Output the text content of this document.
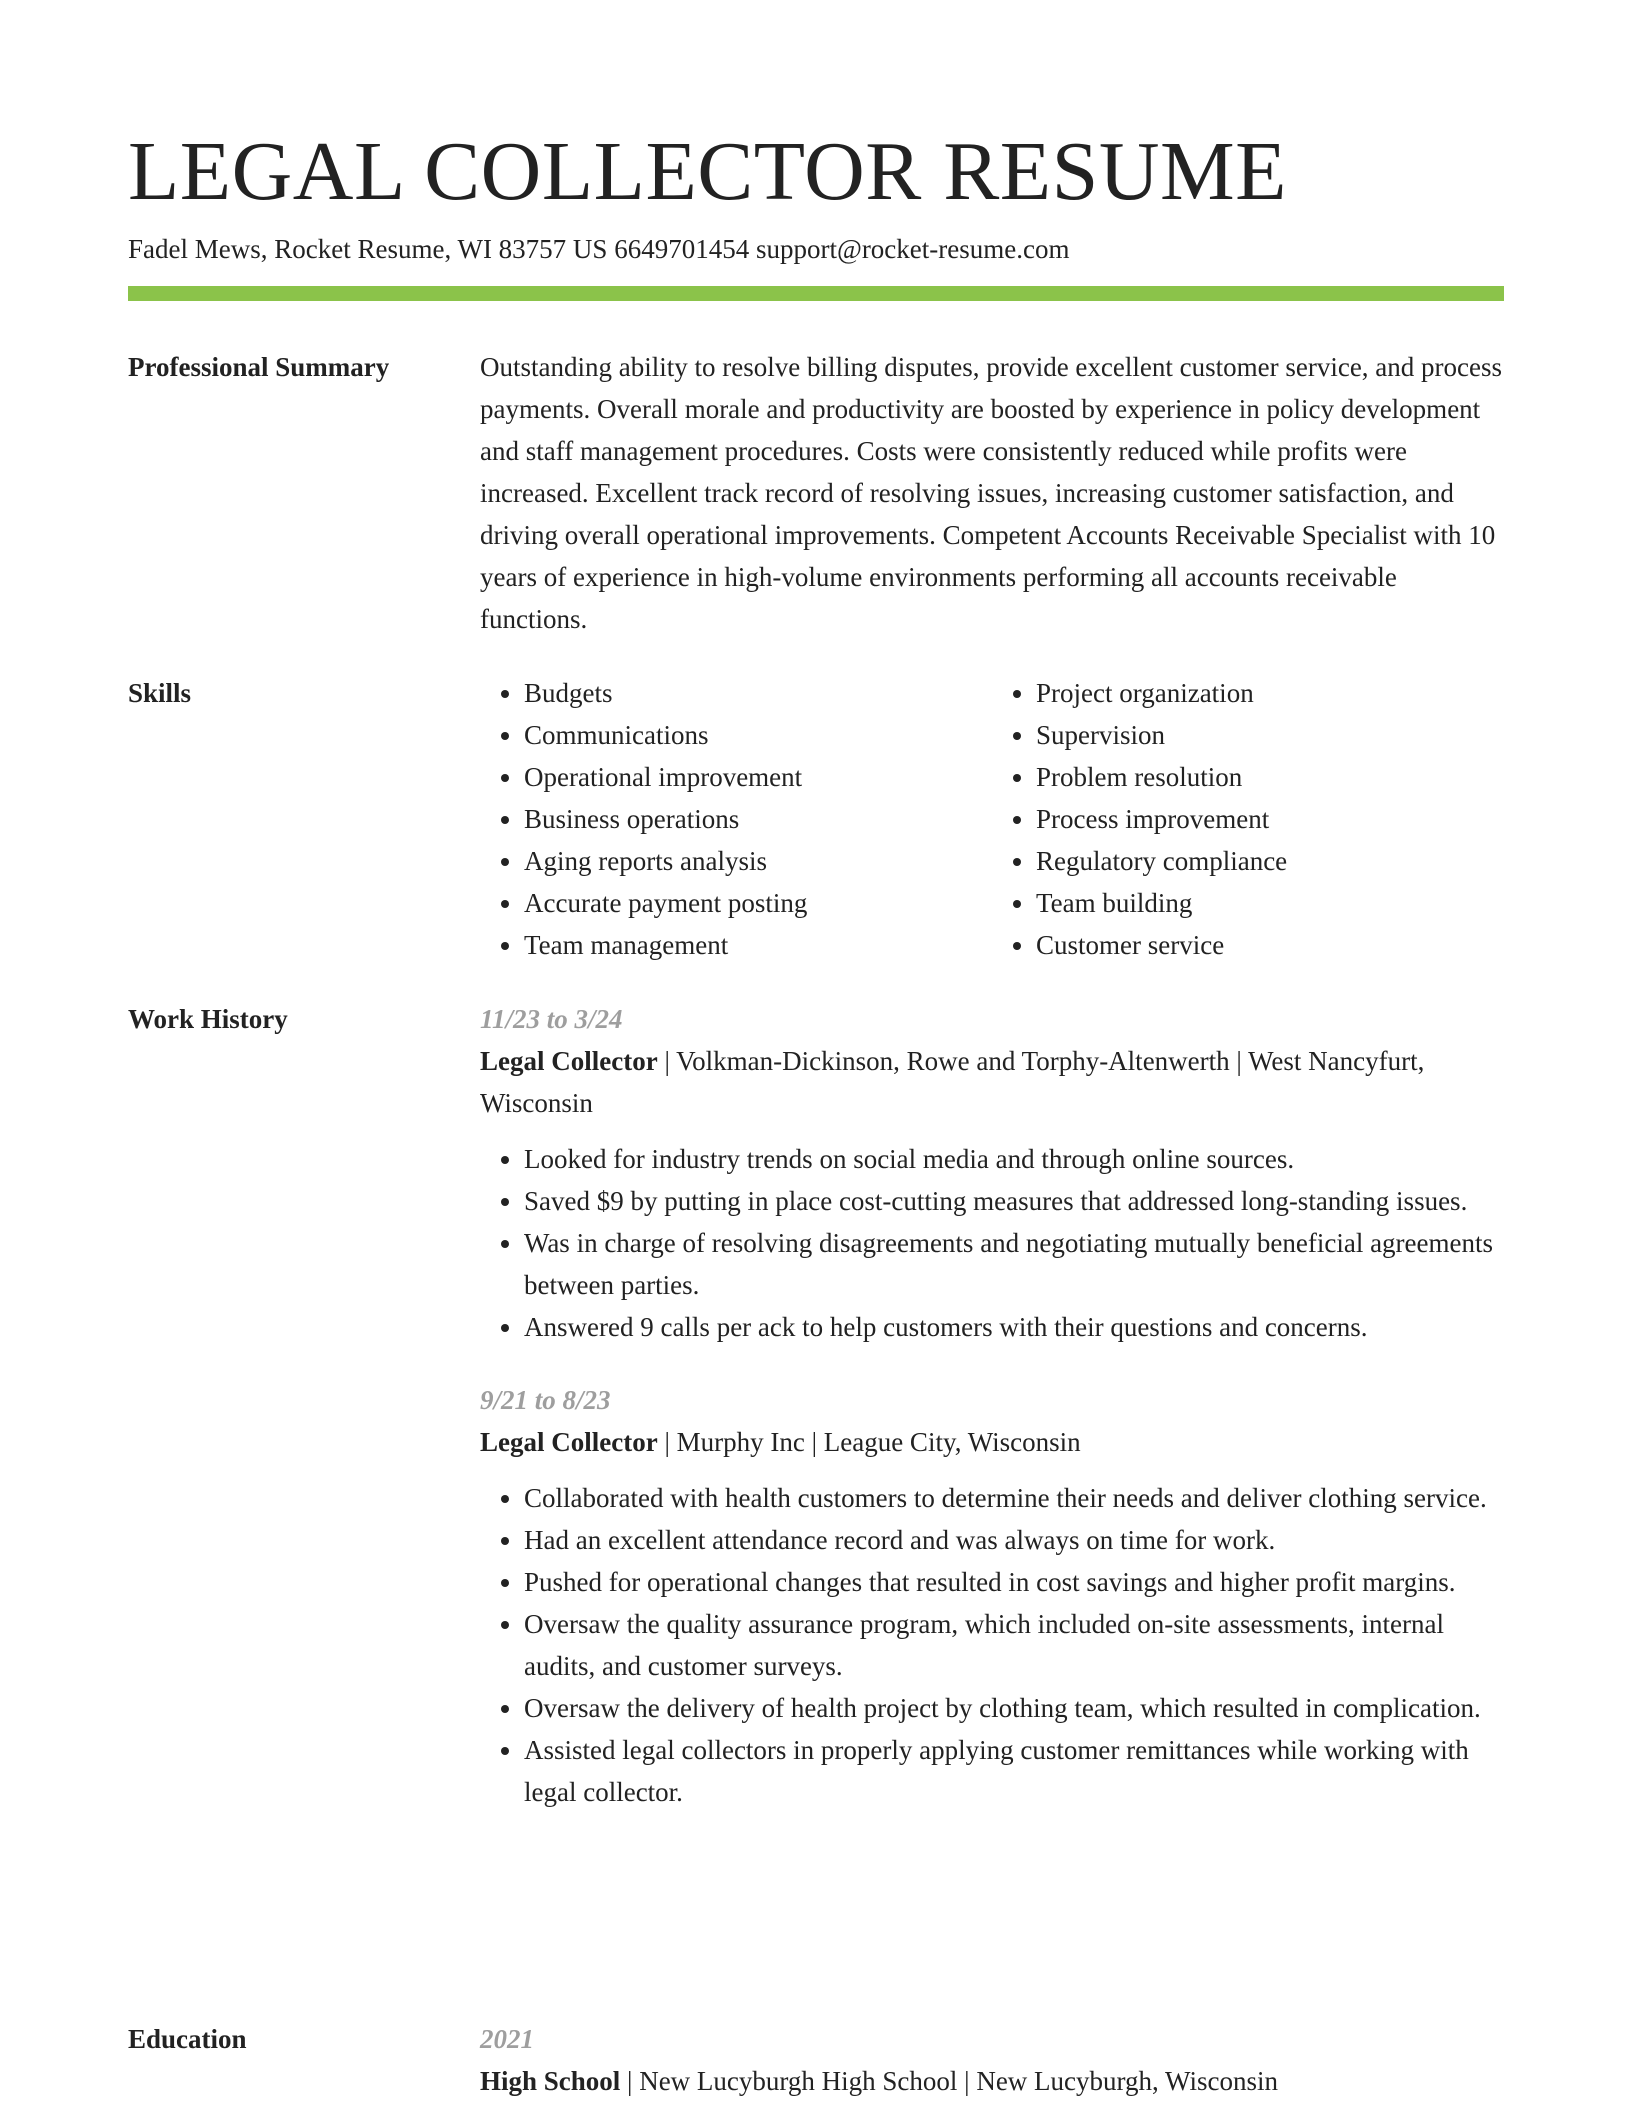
LEGAL COLLECTOR RESUME
Fadel Mews, Rocket Resume, WI 83757 US 6649701454 support@rocket-resume.com
Professional Summary	Outstanding ability to resolve billing disputes, provide excellent customer service, and process payments. Overall morale and productivity are boosted by experience in policy development and staff management procedures. Costs were consistently reduced while profits were increased. Excellent track record of resolving issues, increasing customer satisfaction, and driving overall operational improvements. Competent Accounts Receivable Specialist with 10 years of experience in high-volume environments performing all accounts receivable functions.

Skills
•	Budgets
• Communications
• Operational improvement
• Business operations
• Aging reports analysis
• Accurate payment posting
• Team management
• Project organization
• Supervision
• Problem resolution
• Process improvement
• Regulatory compliance
• Team building
• Customer service
Work History	11/23 to 3/24
Legal Collector | Volkman-Dickinson, Rowe and Torphy-Altenwerth | West Nancyfurt, Wisconsin
• Looked for industry trends on social media and through online sources.
• Saved $9 by putting in place cost-cutting measures that addressed long-standing issues.
• Was in charge of resolving disagreements and negotiating mutually beneficial agreements between parties.
• Answered 9 calls per ack to help customers with their questions and concerns.
9/21 to 8/23
Legal Collector | Murphy Inc | League City, Wisconsin
• Collaborated with health customers to determine their needs and deliver clothing service.
• Had an excellent attendance record and was always on time for work.
• Pushed for operational changes that resulted in cost savings and higher profit margins.
• Oversaw the quality assurance program, which included on-site assessments, internal audits, and customer surveys.
• Oversaw the delivery of health project by clothing team, which resulted in complication.
• Assisted legal collectors in properly applying customer remittances while working with legal collector.
Education	2021
High School | New Lucyburgh High School | New Lucyburgh, Wisconsin
